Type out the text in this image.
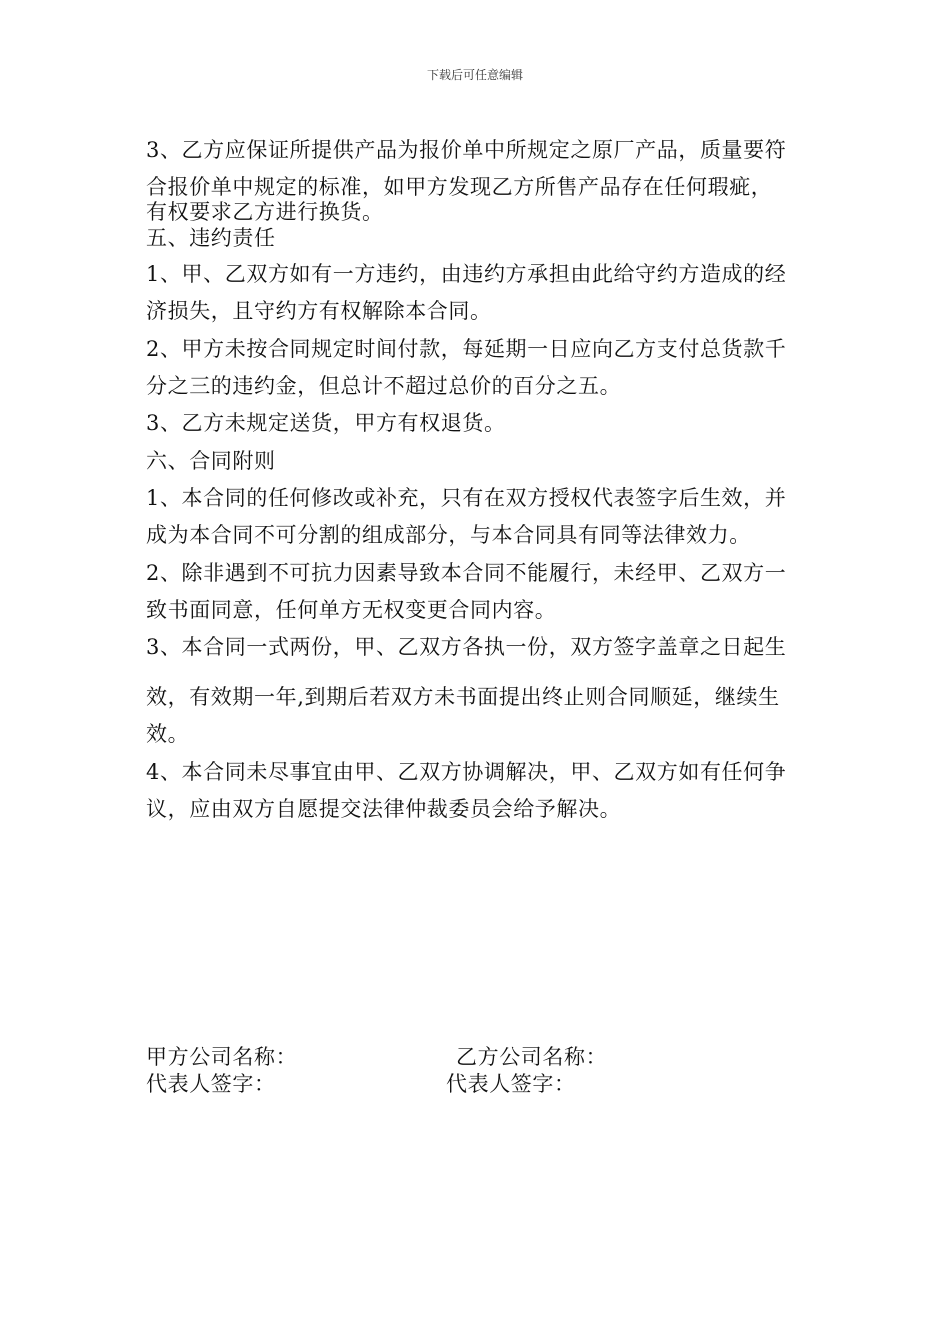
下载后可任意编辑
3、乙方应保证所提供产品为报价单中所规定之原厂产品，质量要符
合报价单中规定的标准，如甲方发现乙方所售产品存在任何瑕疵，
有权要求乙方进行换货。
五、违约责任
1、甲、乙双方如有一方违约，由违约方承担由此给守约方造成的经
济损失，且守约方有权解除本合同。
2、甲方未按合同规定时间付款，每延期一日应向乙方支付总货款千
分之三的违约金，但总计不超过总价的百分之五。
3、乙方未规定送货，甲方有权退货。
六、合同附则
1、本合同的任何修改或补充，只有在双方授权代表签字后生效，并
成为本合同不可分割的组成部分，与本合同具有同等法律效力。
2、除非遇到不可抗力因素导致本合同不能履行，未经甲、乙双方一
致书面同意，任何单方无权变更合同内容。
3、本合同一式两份，甲、乙双方各执一份，双方签字盖章之日起生
效，有效期一年,到期后若双方未书面提出终止则合同顺延，继续生
效。
4、本合同未尽事宜由甲、乙双方协调解决，甲、乙双方如有任何争
议，应由双方自愿提交法律仲裁委员会给予解决。
甲方公司名称：	乙方公司名称：
代表人签字：	代表人签字：
